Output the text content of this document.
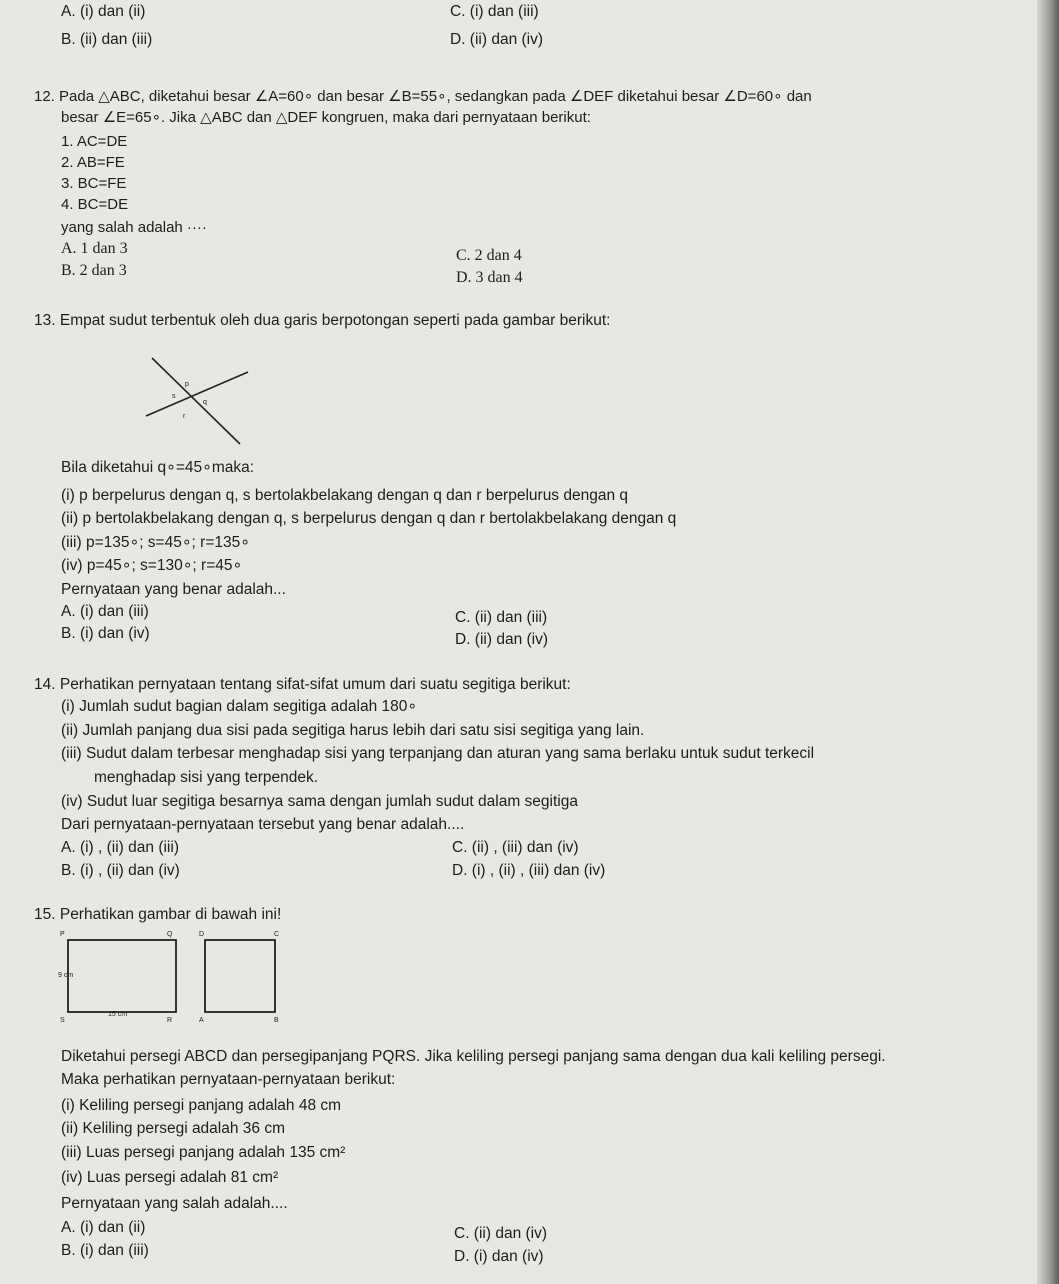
A. (i) dan (ii)	C. (i) dan (iii)
B. (ii) dan (iii)	D. (ii) dan (iv)
12. Pada △ABC, diketahui besar ∠A=60∘ dan besar ∠B=55∘, sedangkan pada ∠DEF diketahui besar ∠D=60∘ dan
besar ∠E=65∘. Jika △ABC dan △DEF kongruen, maka dari pernyataan berikut:
1. AC=DE
2. AB=FE
3. BC=FE
4. BC=DE
yang salah adalah ····
A. 1 dan 3
B. 2 dan 3
C. 2 dan 4
D. 3 dan 4
13. Empat sudut terbentuk oleh dua garis berpotongan seperti pada gambar berikut:
p
s
q
r
Bila diketahui q∘=45∘maka:
(i) p berpelurus dengan q, s bertolakbelakang dengan q dan r berpelurus dengan q
(ii) p bertolakbelakang dengan q, s berpelurus dengan q dan r bertolakbelakang dengan q
(iii) p=135∘; s=45∘; r=135∘
(iv) p=45∘; s=130∘; r=45∘
Pernyataan yang benar adalah...
A. (i) dan (iii)
B. (i) dan (iv)
C. (ii) dan (iii)
D. (ii) dan (iv)
14. Perhatikan pernyataan tentang sifat-sifat umum dari suatu segitiga berikut:
(i) Jumlah sudut bagian dalam segitiga adalah 180∘
(ii) Jumlah panjang dua sisi pada segitiga harus lebih dari satu sisi segitiga yang lain.
(iii) Sudut dalam terbesar menghadap sisi yang terpanjang dan aturan yang sama berlaku untuk sudut terkecil
menghadap sisi yang terpendek.
(iv) Sudut luar segitiga besarnya sama dengan jumlah sudut dalam segitiga
Dari pernyataan-pernyataan tersebut yang benar adalah....
A. (i) , (ii) dan (iii)
B. (i) , (ii) dan (iv)
C. (ii) , (iii) dan (iv)
D. (i) , (ii) , (iii) dan (iv)
15. Perhatikan gambar di bawah ini!
P	Q
S	R
9 cm
15 cm
D	C
A	B
Diketahui persegi ABCD dan persegipanjang PQRS. Jika keliling persegi panjang sama dengan dua kali keliling persegi.
Maka perhatikan pernyataan-pernyataan berikut:
(i) Keliling persegi panjang adalah 48 cm
(ii) Keliling persegi adalah 36 cm
(iii) Luas persegi panjang adalah 135 cm²
(iv) Luas persegi adalah 81 cm²
Pernyataan yang salah adalah....
A. (i) dan (ii)
B. (i) dan (iii)
C. (ii) dan (iv)
D. (i) dan (iv)
